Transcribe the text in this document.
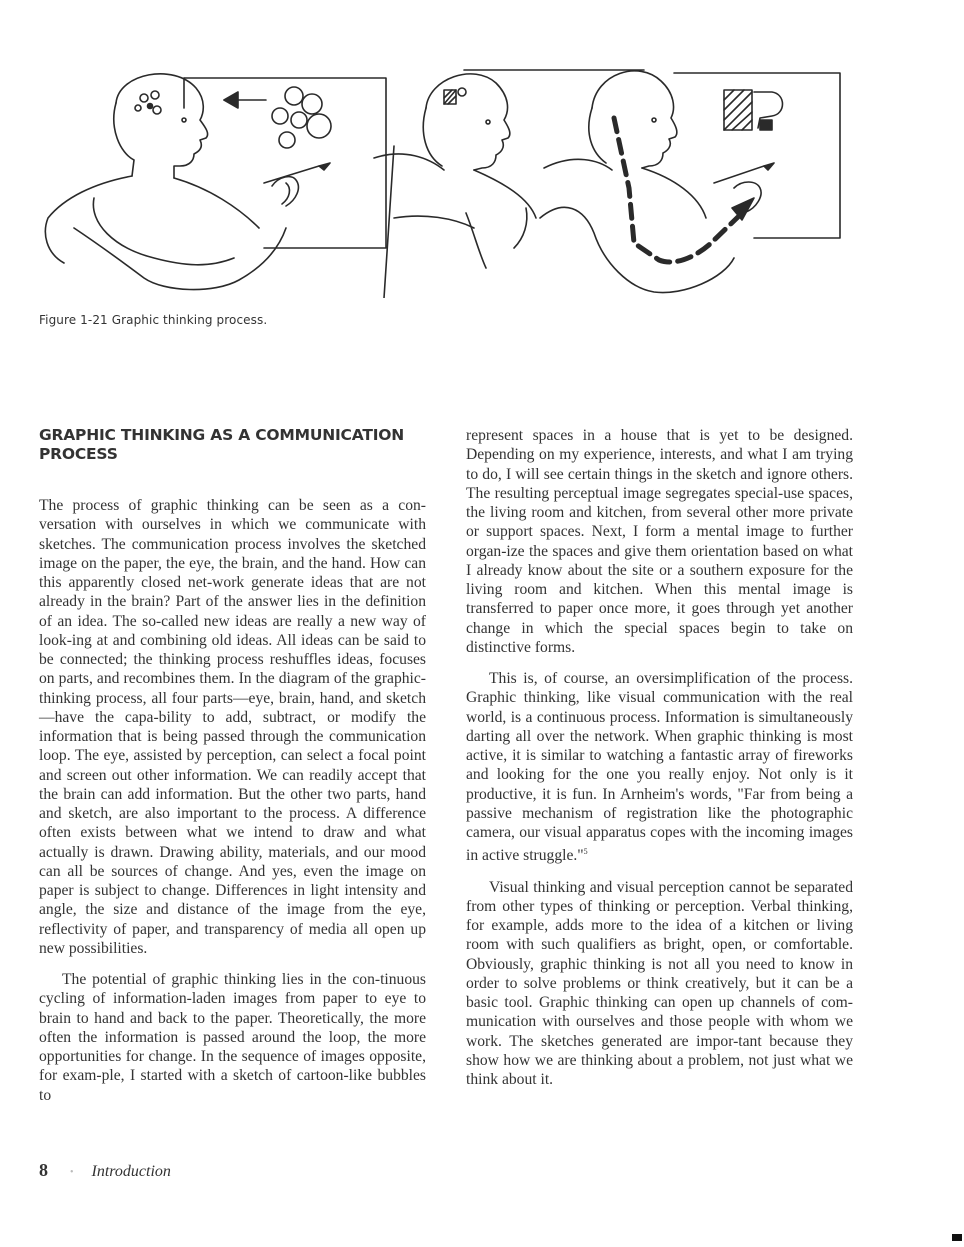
Figure 1-21 Graphic thinking process.
GRAPHIC THINKING AS A COMMUNICATION PROCESS

The process of graphic thinking can be seen as a con-versation with ourselves in which we communicate with sketches. The communication process involves the sketched image on the paper, the eye, the brain, and the hand. How can this apparently closed net-work generate ideas that are not already in the brain? Part of the answer lies in the definition of an idea. The so-called new ideas are really a new way of look-ing at and combining old ideas. All ideas can be said to be connected; the thinking process reshuffles ideas, focuses on parts, and recombines them. In the diagram of the graphic-thinking process, all four parts—eye, brain, hand, and sketch—have the capa-bility to add, subtract, or modify the information that is being passed through the communication loop. The eye, assisted by perception, can select a focal point and screen out other information. We can readily accept that the brain can add information. But the other two parts, hand and sketch, are also important to the process. A difference often exists between what we intend to draw and what actually is drawn. Drawing ability, materials, and our mood can all be sources of change. And yes, even the image on paper is subject to change. Differences in light intensity and angle, the size and distance of the image from the eye, reflectivity of paper, and transparency of media all open up new possibilities.

The potential of graphic thinking lies in the con-tinuous cycling of information-laden images from paper to eye to brain to hand and back to the paper. Theoretically, the more often the information is passed around the loop, the more opportunities for change. In the sequence of images opposite, for exam-ple, I started with a sketch of cartoon-like bubbles to

represent spaces in a house that is yet to be designed. Depending on my experience, interests, and what I am trying to do, I will see certain things in the sketch and ignore others. The resulting perceptual image segregates special-use spaces, the living room and kitchen, from several other more private or support spaces. Next, I form a mental image to further organ-ize the spaces and give them orientation based on what I already know about the site or a southern exposure for the living room and kitchen. When this mental image is transferred to paper once more, it goes through yet another change in which the special spaces begin to take on distinctive forms.

This is, of course, an oversimplification of the process. Graphic thinking, like visual communication with the real world, is a continuous process. Information is simultaneously darting all over the network. When graphic thinking is most active, it is similar to watching a fantastic array of fireworks and looking for the one you really enjoy. Not only is it productive, it is fun. In Arnheim's words, "Far from being a passive mechanism of registration like the photographic camera, our visual apparatus copes with the incoming images in active struggle."$^5$

Visual thinking and visual perception cannot be separated from other types of thinking or perception. Verbal thinking, for example, adds more to the idea of a kitchen or living room with such qualifiers as bright, open, or comfortable. Obviously, graphic thinking is not all you need to know in order to solve problems or think creatively, but it can be a basic tool. Graphic thinking can open up channels of com-munication with ourselves and those people with whom we work. The sketches generated are impor-tant because they show how we are thinking about a problem, not just what we think about it.

8 • Introduction
